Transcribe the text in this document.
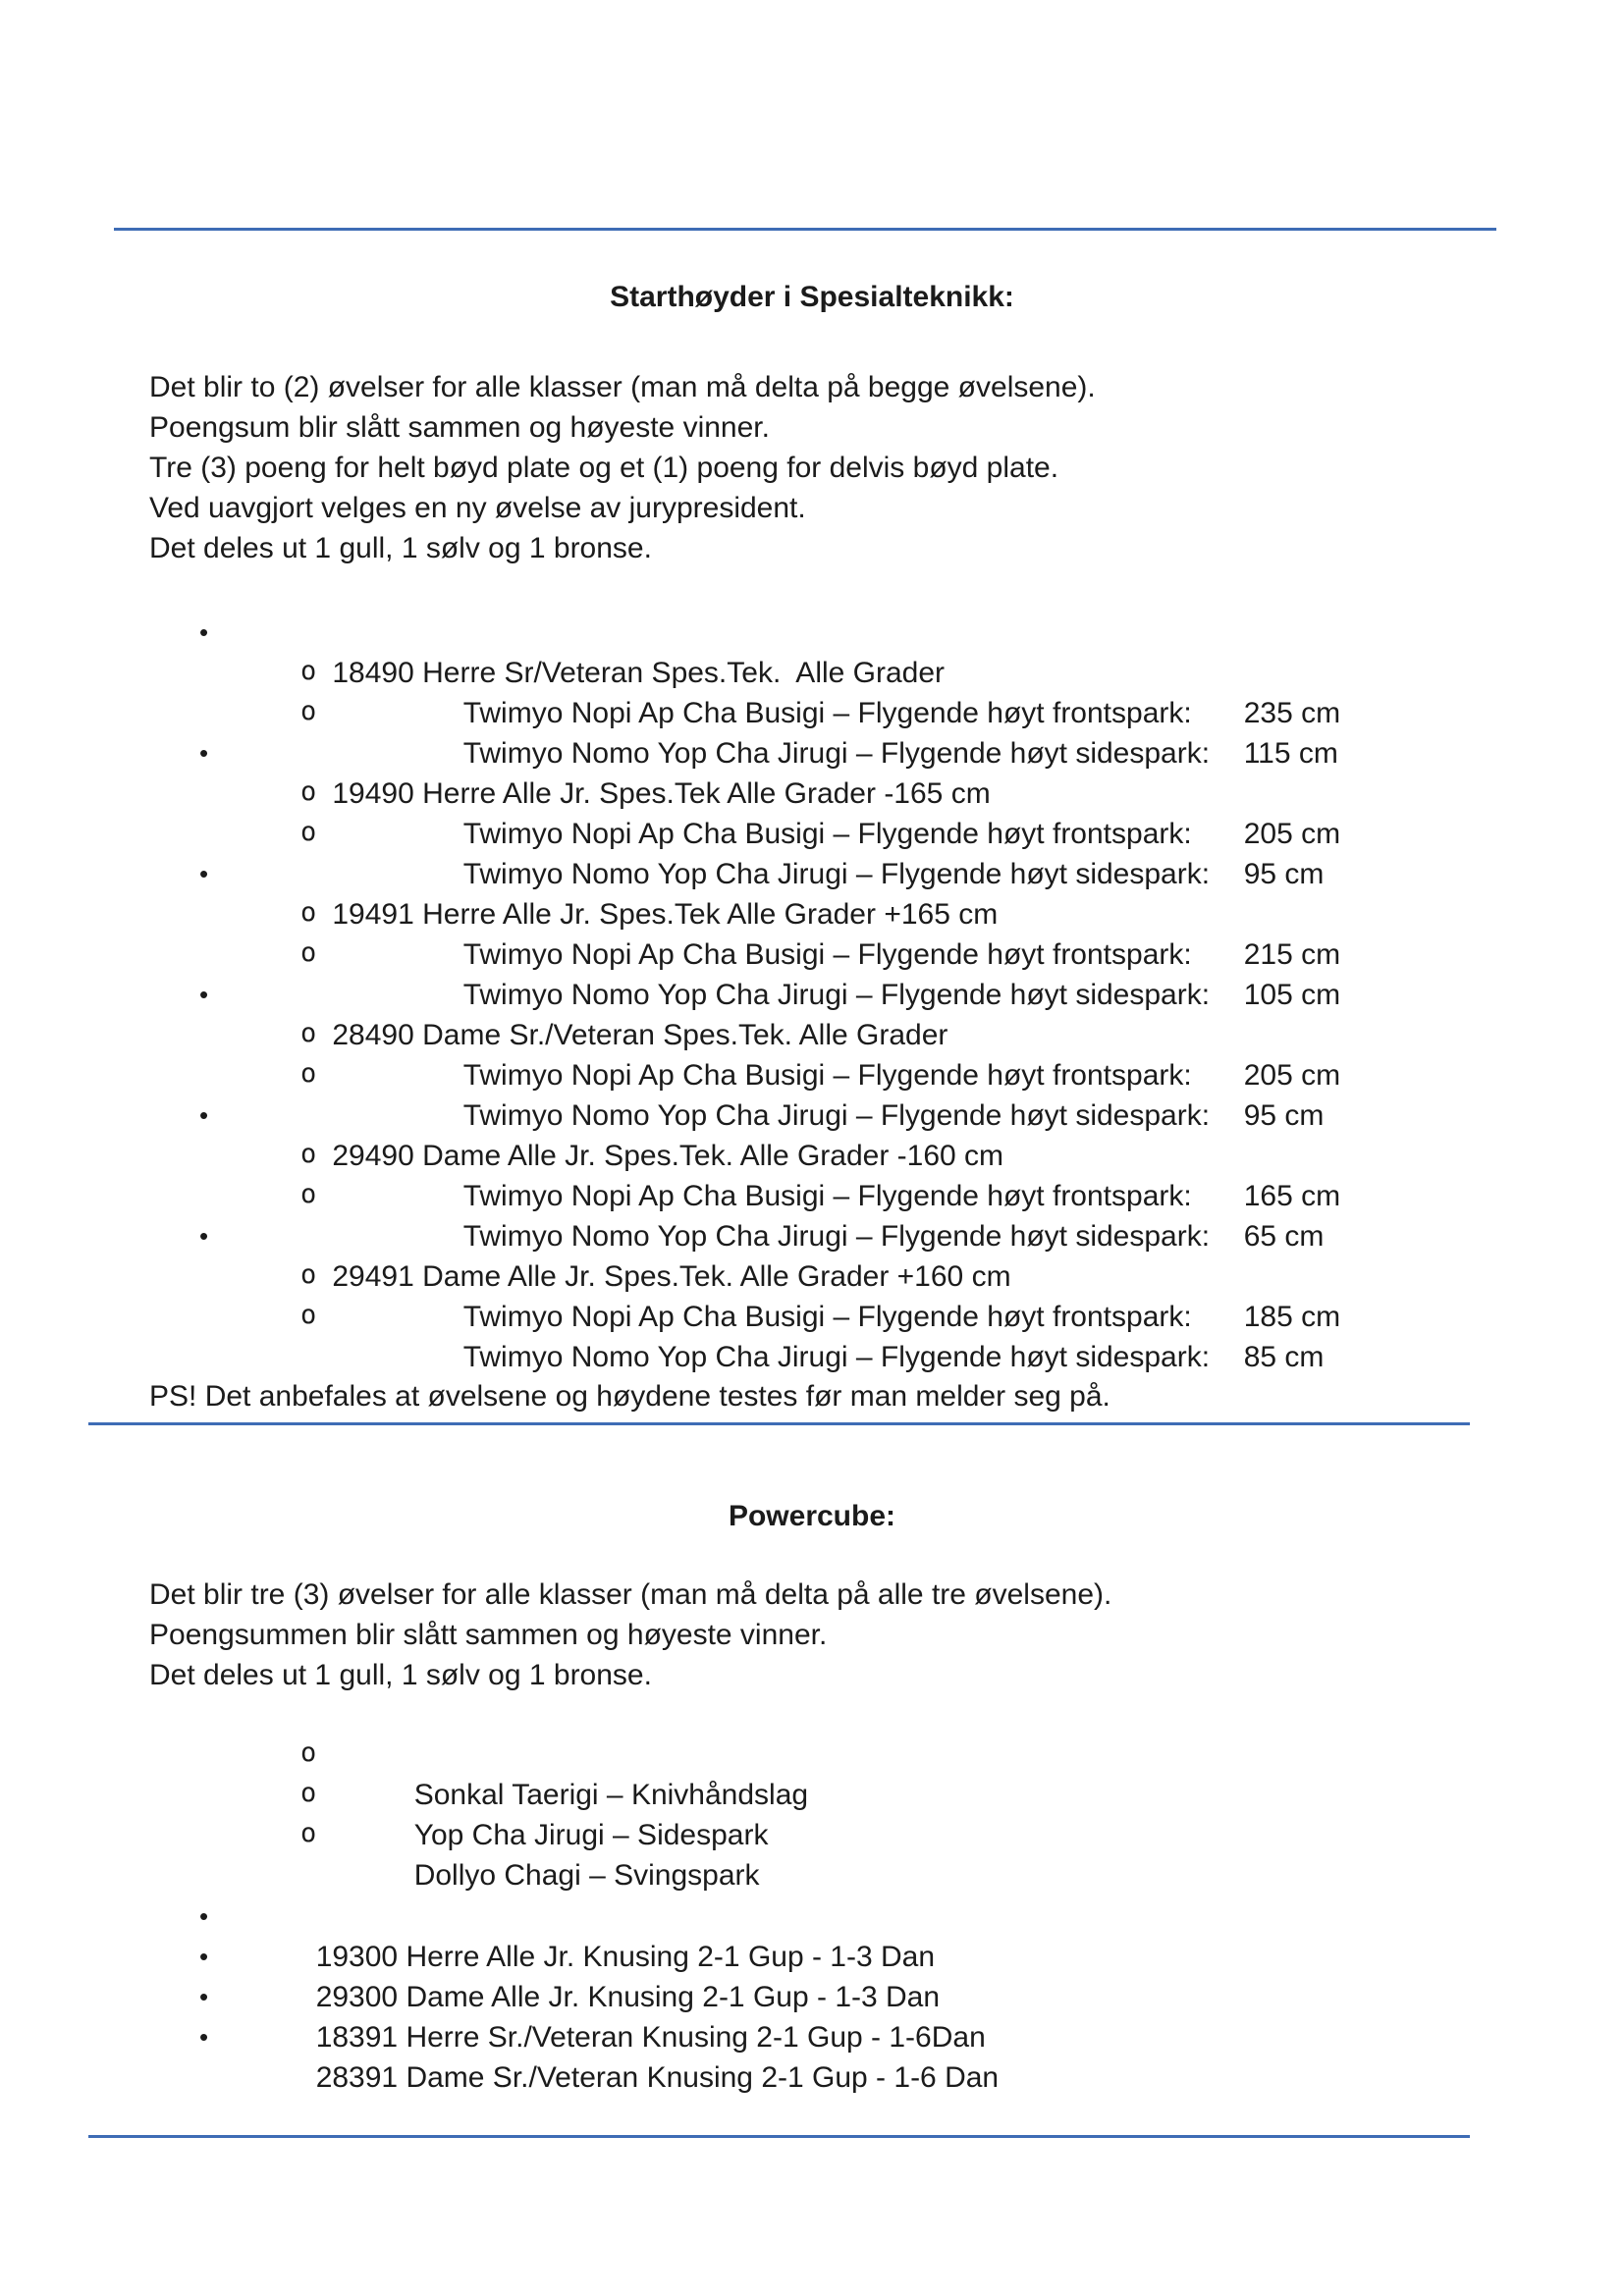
Starthøyder i Spesialteknikk:
Det blir to (2) øvelser for alle klasser (man må delta på begge øvelsene).
Poengsum blir slått sammen og høyeste vinner.
Tre (3) poeng for helt bøyd plate og et (1) poeng for delvis bøyd plate.
Ved uavgjort velges en ny øvelse av jurypresident.
Det deles ut 1 gull, 1 sølv og 1 bronse.

•
18490 Herre Sr/Veteran Spes.Tek.  Alle Grader

o
Twimyo Nopi Ap Cha Busigi – Flygende høyt frontspark: 235 cm

o
Twimyo Nomo Yop Cha Jirugi – Flygende høyt sidespark: 115 cm

•
19490 Herre Alle Jr. Spes.Tek Alle Grader -165 cm

o
Twimyo Nopi Ap Cha Busigi – Flygende høyt frontspark: 205 cm

o
Twimyo Nomo Yop Cha Jirugi – Flygende høyt sidespark: 95 cm

•
19491 Herre Alle Jr. Spes.Tek Alle Grader +165 cm

o
Twimyo Nopi Ap Cha Busigi – Flygende høyt frontspark: 215 cm

o
Twimyo Nomo Yop Cha Jirugi – Flygende høyt sidespark: 105 cm

•
28490 Dame Sr./Veteran Spes.Tek. Alle Grader

o
Twimyo Nopi Ap Cha Busigi – Flygende høyt frontspark: 205 cm

o
Twimyo Nomo Yop Cha Jirugi – Flygende høyt sidespark: 95 cm

•
29490 Dame Alle Jr. Spes.Tek. Alle Grader -160 cm

o
Twimyo Nopi Ap Cha Busigi – Flygende høyt frontspark: 165 cm

o
Twimyo Nomo Yop Cha Jirugi – Flygende høyt sidespark: 65 cm

•
29491 Dame Alle Jr. Spes.Tek. Alle Grader +160 cm

o
Twimyo Nopi Ap Cha Busigi – Flygende høyt frontspark: 185 cm

o
Twimyo Nomo Yop Cha Jirugi – Flygende høyt sidespark: 85 cm

PS! Det anbefales at øvelsene og høydene testes før man melder seg på.
Powercube:
Det blir tre (3) øvelser for alle klasser (man må delta på alle tre øvelsene).
Poengsummen blir slått sammen og høyeste vinner.
Det deles ut 1 gull, 1 sølv og 1 bronse.

o
Sonkal Taerigi – Knivhåndslag

o
Yop Cha Jirugi – Sidespark

o
Dollyo Chagi – Svingspark

•
19300 Herre Alle Jr. Knusing 2-1 Gup - 1-3 Dan

•
29300 Dame Alle Jr. Knusing 2-1 Gup - 1-3 Dan

•
18391 Herre Sr./Veteran Knusing 2-1 Gup - 1-6Dan

•
28391 Dame Sr./Veteran Knusing 2-1 Gup - 1-6 Dan
